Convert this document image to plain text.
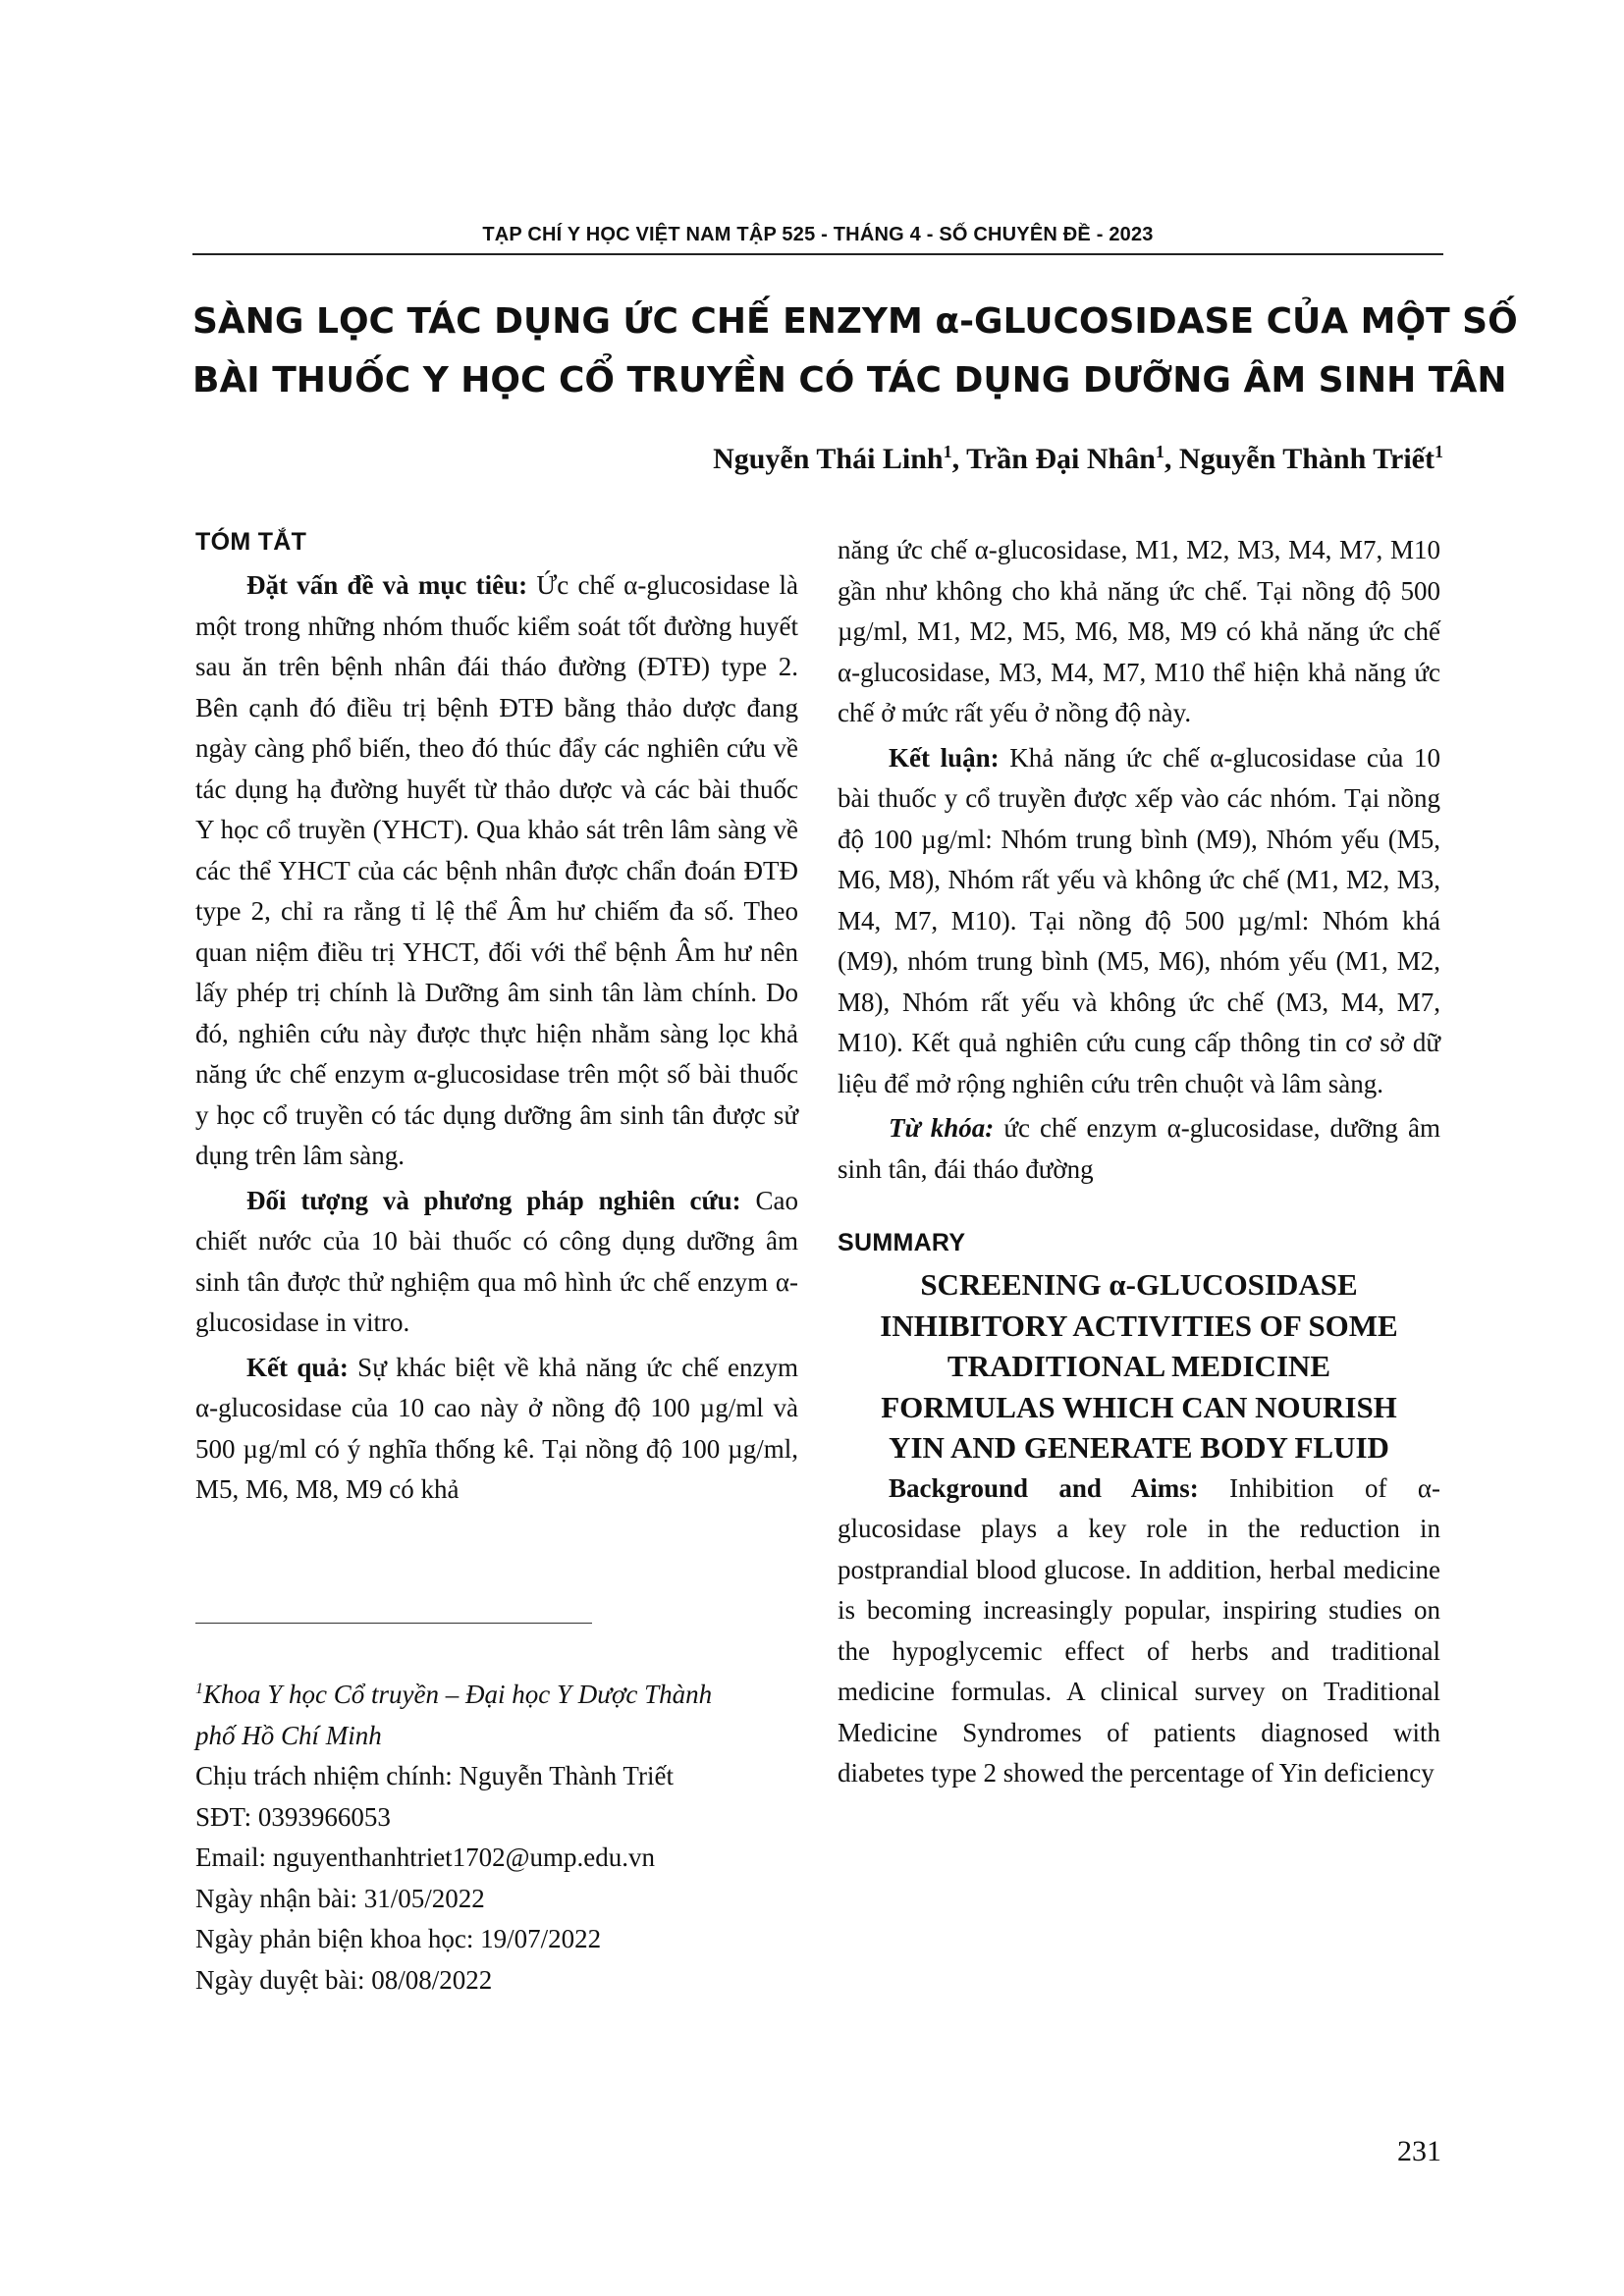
TẠP CHÍ Y HỌC VIỆT NAM TẬP 525 - THÁNG 4 - SỐ CHUYÊN ĐỀ - 2023
SÀNG LỌC TÁC DỤNG ỨC CHẾ ENZYM α-GLUCOSIDASE CỦA MỘT SỐ
BÀI THUỐC Y HỌC CỔ TRUYỀN CÓ TÁC DỤNG DƯỠNG ÂM SINH TÂN
Nguyễn Thái Linh$^1$, Trần Đại Nhân$^1$, Nguyễn Thành Triết$^1$
TÓM TẮT

Đặt vấn đề và mục tiêu: Ức chế α-glucosidase là một trong những nhóm thuốc kiểm soát tốt đường huyết sau ăn trên bệnh nhân đái tháo đường (ĐTĐ) type 2. Bên cạnh đó điều trị bệnh ĐTĐ bằng thảo dược đang ngày càng phổ biến, theo đó thúc đẩy các nghiên cứu về tác dụng hạ đường huyết từ thảo dược và các bài thuốc Y học cổ truyền (YHCT). Qua khảo sát trên lâm sàng về các thể YHCT của các bệnh nhân được chẩn đoán ĐTĐ type 2, chỉ ra rằng tỉ lệ thể Âm hư chiếm đa số. Theo quan niệm điều trị YHCT, đối với thể bệnh Âm hư nên lấy phép trị chính là Dưỡng âm sinh tân làm chính. Do đó, nghiên cứu này được thực hiện nhằm sàng lọc khả năng ức chế enzym α-glucosidase trên một số bài thuốc y học cổ truyền có tác dụng dưỡng âm sinh tân được sử dụng trên lâm sàng.

Đối tượng và phương pháp nghiên cứu: Cao chiết nước của 10 bài thuốc có công dụng dưỡng âm sinh tân được thử nghiệm qua mô hình ức chế enzym α-glucosidase in vitro.

Kết quả: Sự khác biệt về khả năng ức chế enzym α-glucosidase của 10 cao này ở nồng độ 100 µg/ml và 500 µg/ml có ý nghĩa thống kê. Tại nồng độ 100 µg/ml, M5, M6, M8, M9 có khả

$^1$Khoa Y học Cổ truyền – Đại học Y Dược Thành
phố Hồ Chí Minh
Chịu trách nhiệm chính: Nguyễn Thành Triết
SĐT: 0393966053
Email: nguyenthanhtriet1702@ump.edu.vn
Ngày nhận bài: 31/05/2022
Ngày phản biện khoa học: 19/07/2022
Ngày duyệt bài: 08/08/2022

năng ức chế α-glucosidase, M1, M2, M3, M4, M7, M10 gần như không cho khả năng ức chế. Tại nồng độ 500 µg/ml, M1, M2, M5, M6, M8, M9 có khả năng ức chế α-glucosidase, M3, M4, M7, M10 thể hiện khả năng ức chế ở mức rất yếu ở nồng độ này.

Kết luận: Khả năng ức chế α-glucosidase của 10 bài thuốc y cổ truyền được xếp vào các nhóm. Tại nồng độ 100 µg/ml: Nhóm trung bình (M9), Nhóm yếu (M5, M6, M8), Nhóm rất yếu và không ức chế (M1, M2, M3, M4, M7, M10). Tại nồng độ 500 µg/ml: Nhóm khá (M9), nhóm trung bình (M5, M6), nhóm yếu (M1, M2, M8), Nhóm rất yếu và không ức chế (M3, M4, M7, M10). Kết quả nghiên cứu cung cấp thông tin cơ sở dữ liệu để mở rộng nghiên cứu trên chuột và lâm sàng.

Từ khóa: ức chế enzym α-glucosidase, dưỡng âm sinh tân, đái tháo đường

SUMMARY
SCREENING α-GLUCOSIDASE
INHIBITORY ACTIVITIES OF SOME
TRADITIONAL MEDICINE
FORMULAS WHICH CAN NOURISH
YIN AND GENERATE BODY FLUID

Background and Aims: Inhibition of α-glucosidase plays a key role in the reduction in postprandial blood glucose. In addition, herbal medicine is becoming increasingly popular, inspiring studies on the hypoglycemic effect of herbs and traditional medicine formulas. A clinical survey on Traditional Medicine Syndromes of patients diagnosed with diabetes type 2 showed the percentage of Yin deficiency

231
